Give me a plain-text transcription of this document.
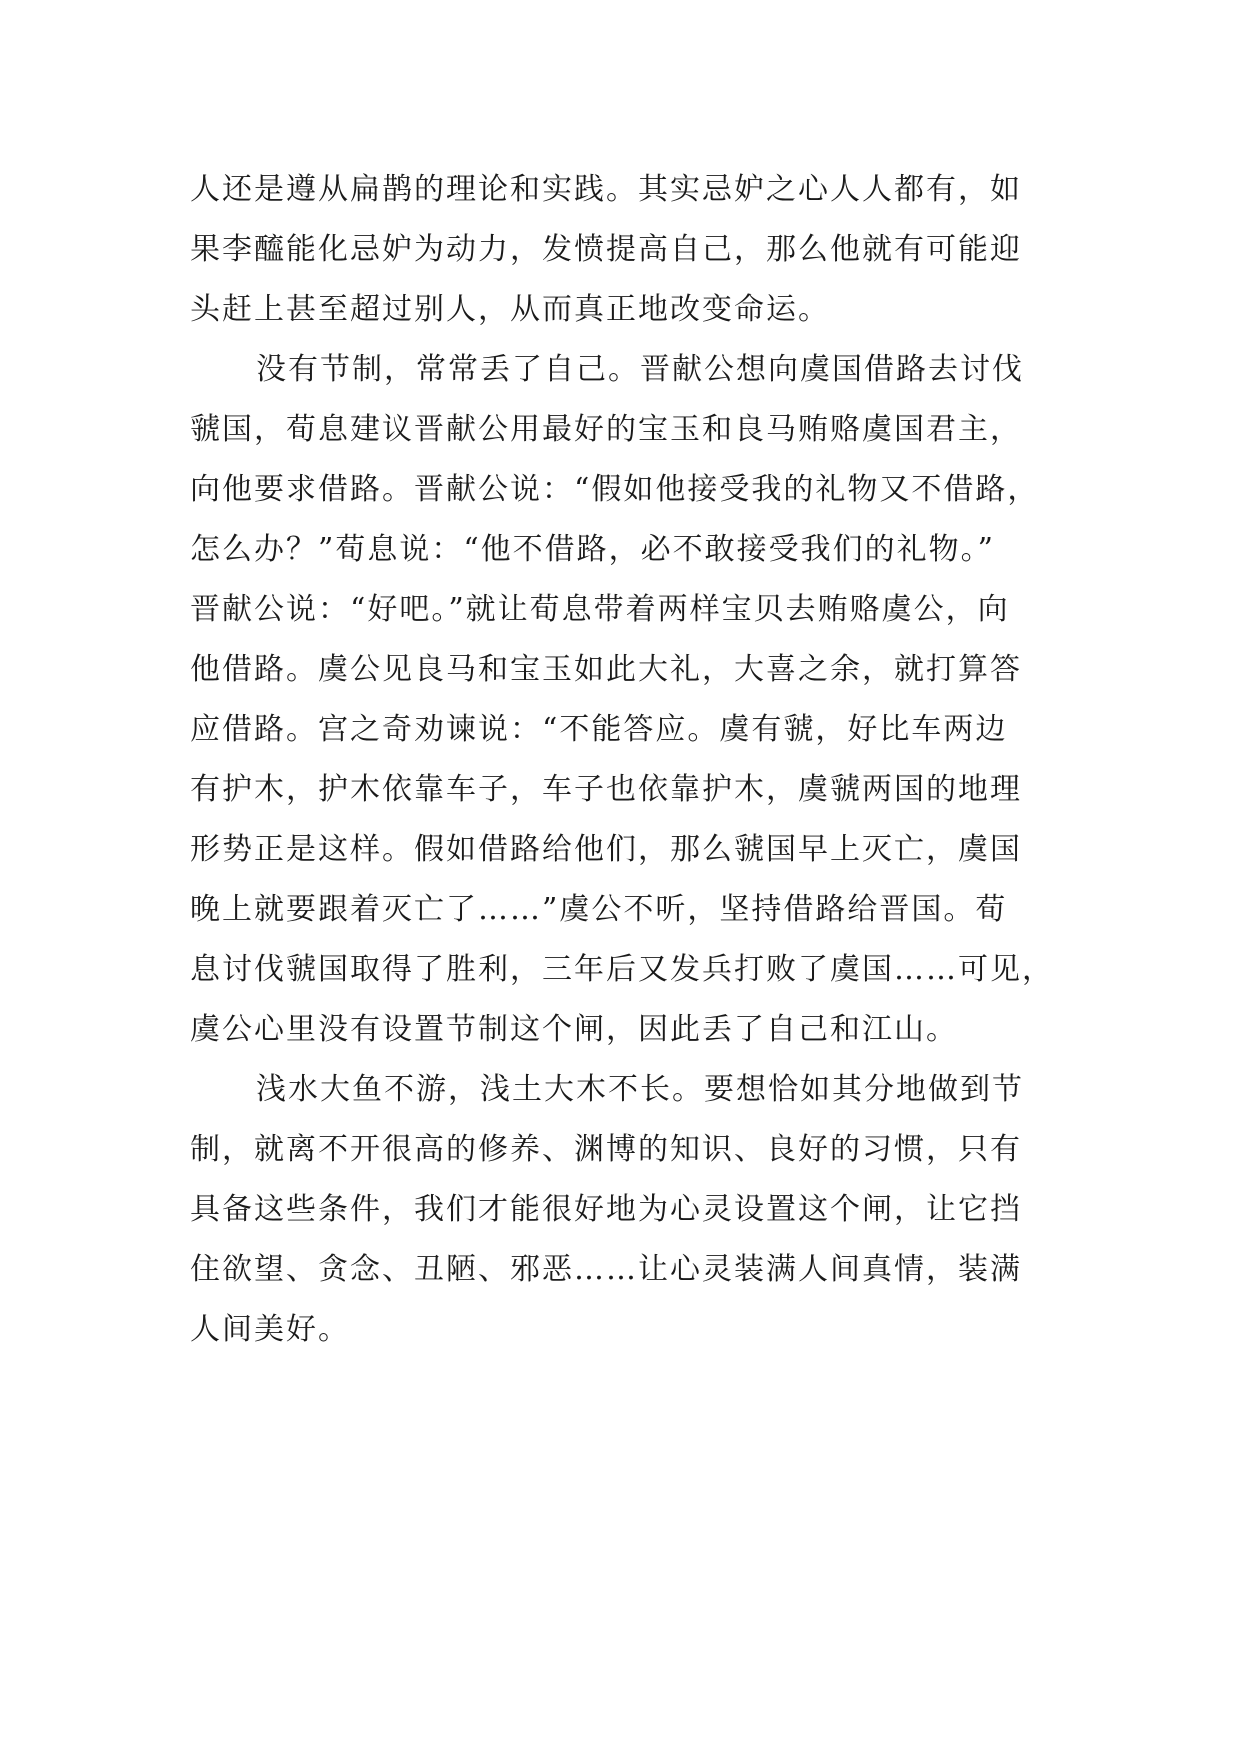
人还是遵从扁鹊的理论和实践。其实忌妒之心人人都有，如
果李醯能化忌妒为动力，发愤提高自己，那么他就有可能迎
头赶上甚至超过别人，从而真正地改变命运。
没有节制，常常丢了自己。晋献公想向虞国借路去讨伐
虢国，荀息建议晋献公用最好的宝玉和良马贿赂虞国君主，
向他要求借路。晋献公说：“假如他接受我的礼物又不借路，
怎么办？”荀息说：“他不借路，必不敢接受我们的礼物。”
晋献公说：“好吧。”就让荀息带着两样宝贝去贿赂虞公，向
他借路。虞公见良马和宝玉如此大礼，大喜之余，就打算答
应借路。宫之奇劝谏说：“不能答应。虞有虢，好比车两边
有护木，护木依靠车子，车子也依靠护木，虞虢两国的地理
形势正是这样。假如借路给他们，那么虢国早上灭亡，虞国
晚上就要跟着灭亡了……”虞公不听，坚持借路给晋国。荀
息讨伐虢国取得了胜利，三年后又发兵打败了虞国……可见，
虞公心里没有设置节制这个闸，因此丢了自己和江山。
浅水大鱼不游，浅土大木不长。要想恰如其分地做到节
制，就离不开很高的修养、渊博的知识、良好的习惯，只有
具备这些条件，我们才能很好地为心灵设置这个闸，让它挡
住欲望、贪念、丑陋、邪恶……让心灵装满人间真情，装满
人间美好。
